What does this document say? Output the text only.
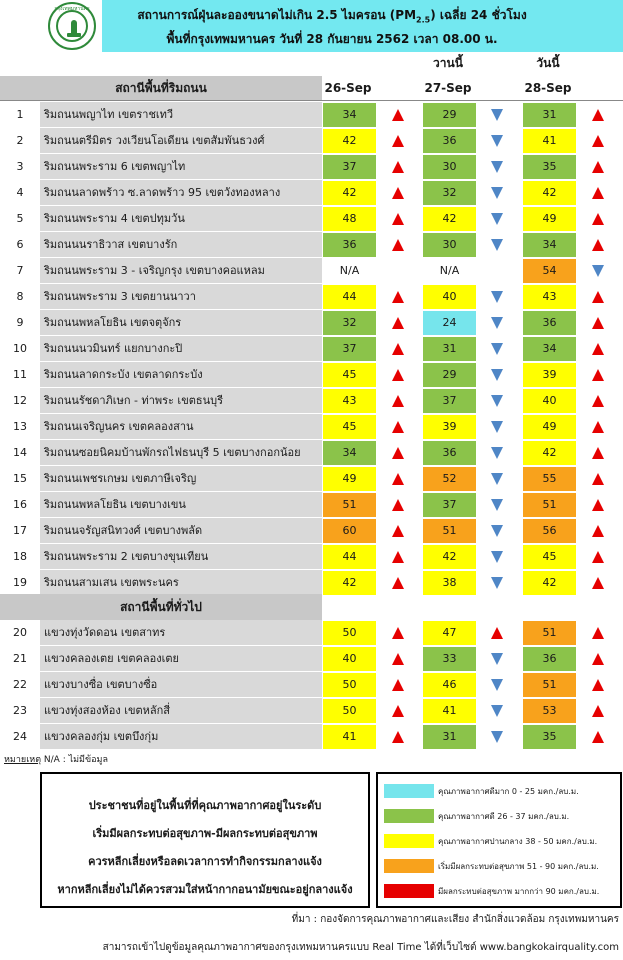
กรุงเทพมหานคร	สถานการณ์ฝุ่นละอองขนาดไม่เกิน 2.5 ไมครอน $(PM_{2.5})$ เฉลี่ย 24 ชั่วโมง
พื้นที่กรุงเทพมหานคร วันที่ 28 กันยายน 2562 เวลา 08.00 น.
วานนี้	วันนี้
สถานีพื้นที่ริมถนน	26-Sep	27-Sep	28-Sep
1	ริมถนนพญาไท เขตราชเทวี	34	29	31
2	ริมถนนตรีมิตร วงเวียนโอเดียน เขตสัมพันธวงศ์	42	36	41
3	ริมถนนพระราม 6 เขตพญาไท	37	30	35
4	ริมถนนลาดพร้าว ซ.ลาดพร้าว 95 เขตวังทองหลาง	42	32	42
5	ริมถนนพระราม 4 เขตปทุมวัน	48	42	49
6	ริมถนนนราธิวาส เขตบางรัก	36	30	34
7	ริมถนนพระราม 3 - เจริญกรุง เขตบางคอแหลม	N/A	N/A	54
8	ริมถนนพระราม 3 เขตยานนาวา	44	40	43
9	ริมถนนพหลโยธิน เขตจตุจักร	32	24	36
10	ริมถนนนวมินทร์ แยกบางกะปิ	37	31	34
11	ริมถนนลาดกระบัง เขตลาดกระบัง	45	29	39
12	ริมถนนรัชดาภิเษก - ท่าพระ เขตธนบุรี	43	37	40
13	ริมถนนเจริญนคร เขตคลองสาน	45	39	49
14	ริมถนนซอยนิคมบ้านพักรถไฟธนบุรี 5 เขตบางกอกน้อย	34	36	42
15	ริมถนนเพชรเกษม เขตภาษีเจริญ	49	52	55
16	ริมถนนพหลโยธิน เขตบางเขน	51	37	51
17	ริมถนนจรัญสนิทวงศ์ เขตบางพลัด	60	51	56
18	ริมถนนพระราม 2 เขตบางขุนเทียน	44	42	45
19	ริมถนนสามเสน เขตพระนคร	42	38	42
20	แขวงทุ่งวัดดอน เขตสาทร	50	47	51
21	แขวงคลองเตย เขตคลองเตย	40	33	36
22	แขวงบางซื่อ เขตบางซื่อ	50	46	51
23	แขวงทุ่งสองห้อง เขตหลักสี่	50	41	53
24	แขวงคลองกุ่ม เขตบึงกุ่ม	41	31	35
สถานีพื้นที่ทั่วไป
หมายเหตุ N/A : ไม่มีข้อมูล
ประชาชนที่อยู่ในพื้นที่ที่คุณภาพอากาศอยู่ในระดับ
เริ่มมีผลกระทบต่อสุขภาพ-มีผลกระทบต่อสุขภาพ
ควรหลีกเลี่ยงหรือลดเวลาการทำกิจกรรมกลางแจ้ง
หากหลีกเลี่ยงไม่ได้ควรสวมใส่หน้ากากอนามัยขณะอยู่กลางแจ้ง
คุณภาพอากาศดีมาก 0 - 25 มคก./ลบ.ม.
คุณภาพอากาศดี 26 - 37 มคก./ลบ.ม.
คุณภาพอากาศปานกลาง 38 - 50 มคก./ลบ.ม.
เริ่มมีผลกระทบต่อสุขภาพ 51 - 90 มคก./ลบ.ม.
มีผลกระทบต่อสุขภาพ มากกว่า 90 มคก./ลบ.ม.
ที่มา : กองจัดการคุณภาพอากาศและเสียง สำนักสิ่งแวดล้อม กรุงเทพมหานคร
สามารถเข้าไปดูข้อมูลคุณภาพอากาศของกรุงเทพมหานครแบบ Real Time ได้ที่เว็บไซต์ www.bangkokairquality.com
